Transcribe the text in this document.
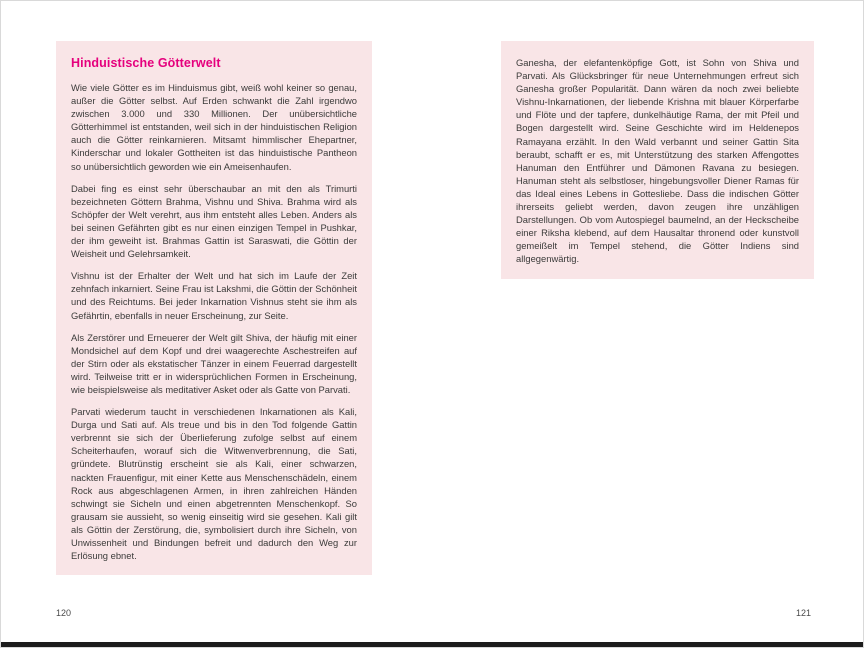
Hinduistische Götterwelt

Wie viele Götter es im Hinduismus gibt, weiß wohl keiner so genau, außer die Götter selbst. Auf Erden schwankt die Zahl irgendwo zwischen 3.000 und 330 Millionen. Der unübersichtliche Götterhimmel ist entstanden, weil sich in der hinduistischen Religion auch die Götter reinkarnieren. Mitsamt himmlischer Ehepartner, Kinderschar und lokaler Gottheiten ist das hinduistische Pantheon so unübersichtlich geworden wie ein Ameisenhaufen.

Dabei fing es einst sehr überschaubar an mit den als Trimurti bezeichneten Göttern Brahma, Vishnu und Shiva. Brahma wird als Schöpfer der Welt verehrt, aus ihm entsteht alles Leben. Anders als bei seinen Gefährten gibt es nur einen einzigen Tempel in Pushkar, der ihm geweiht ist. Brahmas Gattin ist Saraswati, die Göttin der Weisheit und Gelehrsamkeit.

Vishnu ist der Erhalter der Welt und hat sich im Laufe der Zeit zehnfach inkarniert. Seine Frau ist Lakshmi, die Göttin der Schönheit und des Reichtums. Bei jeder Inkarnation Vishnus steht sie ihm als Gefährtin, ebenfalls in neuer Erscheinung, zur Seite.

Als Zerstörer und Erneuerer der Welt gilt Shiva, der häufig mit einer Mondsichel auf dem Kopf und drei waagerechte Aschestreifen auf der Stirn oder als ekstatischer Tänzer in einem Feuerrad dargestellt wird. Teilweise tritt er in widersprüchlichen Formen in Erscheinung, wie beispielsweise als meditativer Asket oder als Gatte von Parvati.

Parvati wiederum taucht in verschiedenen Inkarnationen als Kali, Durga und Sati auf. Als treue und bis in den Tod folgende Gattin verbrennt sie sich der Überlieferung zufolge selbst auf einem Scheiterhaufen, worauf sich die Witwenverbrennung, die Sati, gründete. Blutrünstig erscheint sie als Kali, einer schwarzen, nackten Frauenfigur, mit einer Kette aus Menschenschädeln, einem Rock aus abgeschlagenen Armen, in ihren zahlreichen Händen schwingt sie Sicheln und einen abgetrennten Menschenkopf. So grausam sie aussieht, so wenig einseitig wird sie gesehen. Kali gilt als Göttin der Zerstörung, die, symbolisiert durch ihre Sicheln, von Unwissenheit und Bindungen befreit und dadurch den Weg zur Erlösung ebnet.

Ganesha, der elefantenköpfige Gott, ist Sohn von Shiva und Parvati. Als Glücksbringer für neue Unternehmungen erfreut sich Ganesha großer Popularität. Dann wären da noch zwei beliebte Vishnu-Inkarnationen, der liebende Krishna mit blauer Körperfarbe und Flöte und der tapfere, dunkelhäutige Rama, der mit Pfeil und Bogen dargestellt wird. Seine Geschichte wird im Heldenepos Ramayana erzählt. In den Wald verbannt und seiner Gattin Sita beraubt, schafft er es, mit Unterstützung des starken Affengottes Hanuman den Entführer und Dämonen Ravana zu besiegen. Hanuman steht als selbstloser, hingebungsvoller Diener Ramas für das Ideal eines Lebens in Gottesliebe. Dass die indischen Götter ihrerseits geliebt werden, davon zeugen ihre unzähligen Darstellungen. Ob vom Autospiegel baumelnd, an der Heckscheibe einer Riksha klebend, auf dem Hausaltar thronend oder kunstvoll gemeißelt im Tempel stehend, die Götter Indiens sind allgegenwärtig.

120	121
